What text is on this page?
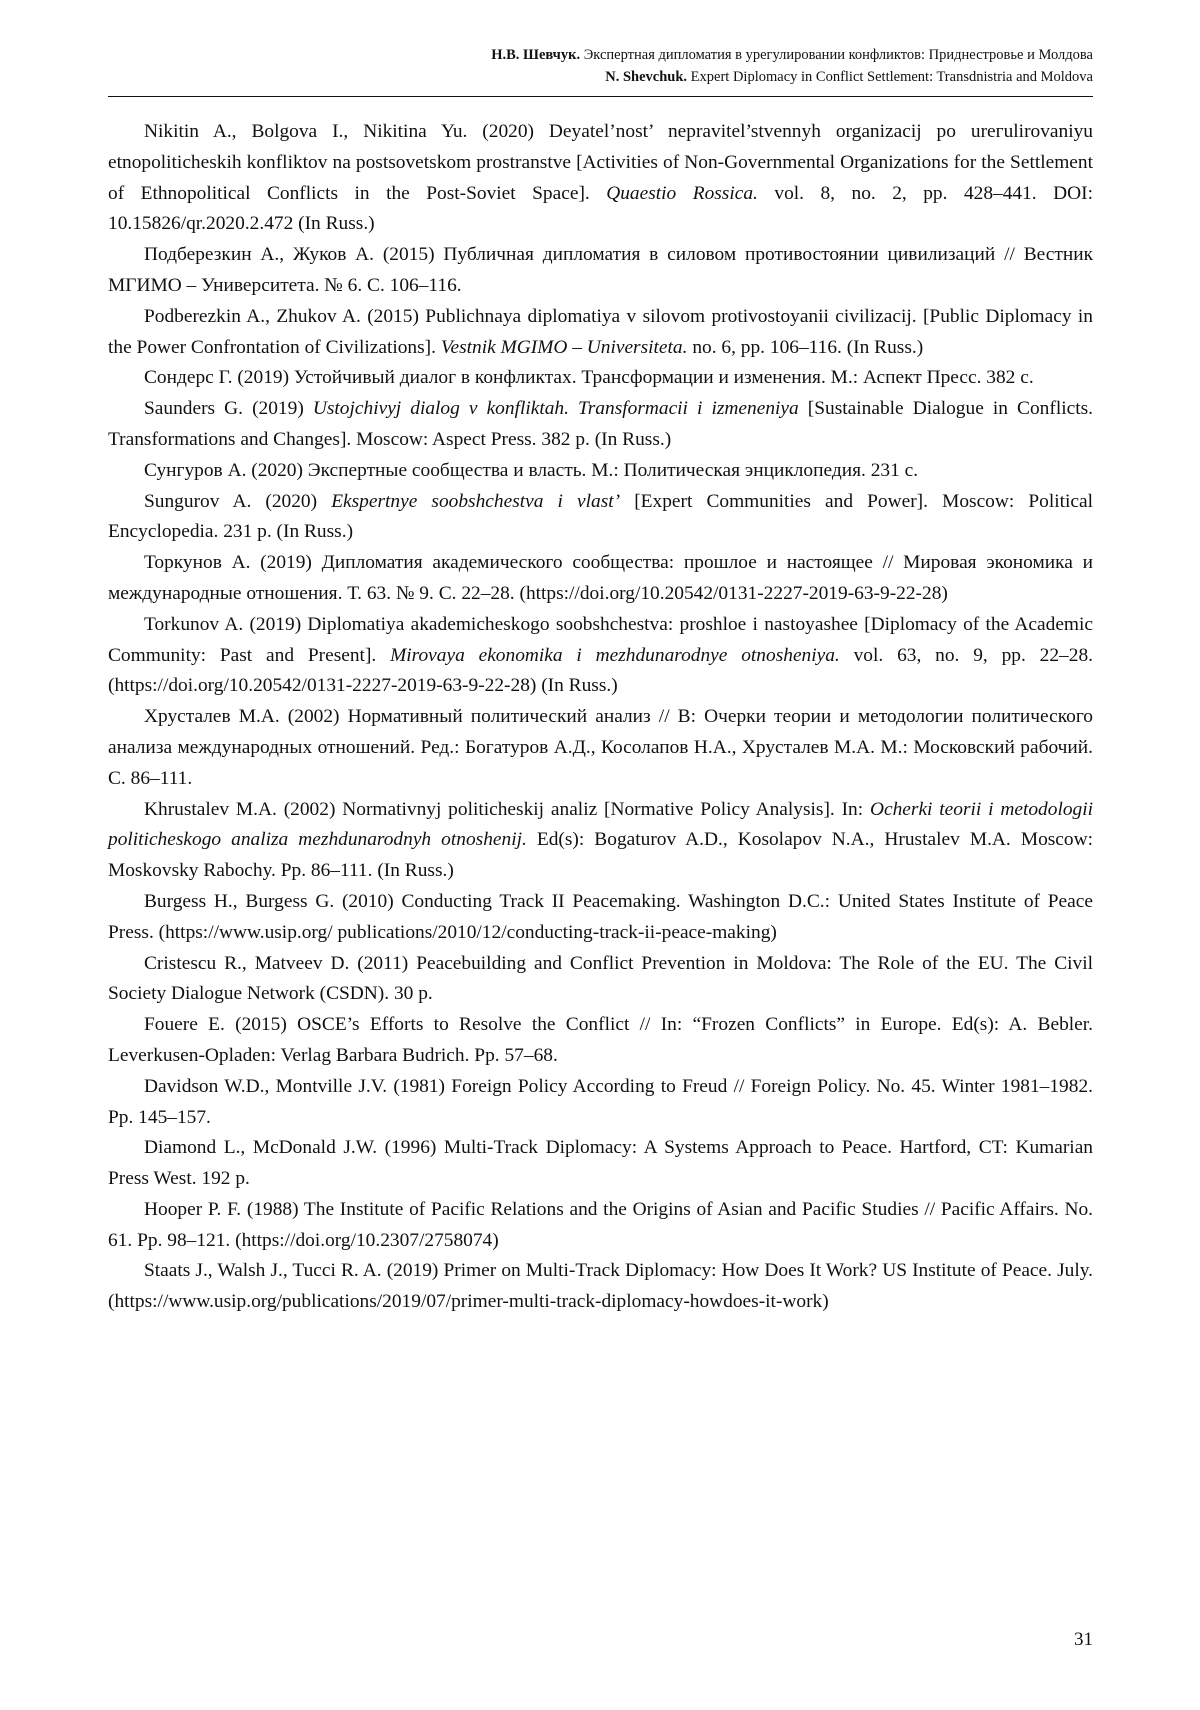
Н.В. Шевчук. Экспертная дипломатия в урегулировании конфликтов: Приднестровье и Молдова
N. Shevchuk. Expert Diplomacy in Conflict Settlement: Transdnistria and Moldova

Nikitin A., Bolgova I., Nikitina Yu. (2020) Deyatel’nost’ nepravitel’stvennyh organizacij po urегulirovaniyu etnopoliticheskih konfliktov na postsovetskom prostranstve [Activities of Non-Governmental Organizations for the Settlement of Ethnopolitical Conflicts in the Post-Soviet Space]. Quaestio Rossica. vol. 8, no. 2, pp. 428–441. DOI: 10.15826/qr.2020.2.472 (In Russ.)

Подберезкин А., Жуков А. (2015) Публичная дипломатия в силовом противостоянии цивилизаций // Вестник МГИМО – Университета. № 6. С. 106–116.

Podberezkin A., Zhukov A. (2015) Publichnaya diplomatiya v silovom protivostoyanii civilizacij. [Public Diplomacy in the Power Confrontation of Civilizations]. Vestnik MGIMO – Universiteta. no. 6, pp. 106–116. (In Russ.)

Сондерс Г. (2019) Устойчивый диалог в конфликтах. Трансформации и изменения. М.: Аспект Пресс. 382 с.

Saunders G. (2019) Ustojchivyj dialog v konfliktah. Transformacii i izmeneniya [Sustainable Dialogue in Conflicts. Transformations and Changes]. Moscow: Aspect Press. 382 p. (In Russ.)

Сунгуров А. (2020) Экспертные сообщества и власть. М.: Политическая энциклопедия. 231 с.

Sungurov A. (2020) Ekspertnye soobshchestva i vlast’ [Expert Communities and Power]. Moscow: Political Encyclopedia. 231 p. (In Russ.)

Торкунов А. (2019) Дипломатия академического сообщества: прошлое и настоящее // Мировая экономика и международные отношения. Т. 63. № 9. С. 22–28. (https://doi.org/10.20542/0131-2227-2019-63-9-22-28)

Torkunov A. (2019) Diplomatiya akademicheskogo soobshchestva: proshloe i nastoyashee [Diplomacy of the Academic Community: Past and Present]. Mirovaya ekonomika i mezhdunarodnye otnosheniya. vol. 63, no. 9, pp. 22–28. (https://doi.org/10.20542/0131-2227-2019-63-9-22-28) (In Russ.)

Хрусталев М.А. (2002) Нормативный политический анализ // В: Очерки теории и методологии политического анализа международных отношений. Ред.: Богатуров А.Д., Косолапов Н.А., Хрусталев М.А. М.: Московский рабочий. С. 86–111.

Khrustalev M.A. (2002) Normativnyj politicheskij analiz [Normative Policy Analysis]. In: Ocherki teorii i metodologii politicheskogo analiza mezhdunarodnyh otnoshenij. Ed(s): Bogaturov A.D., Kosolapov N.A., Hrustalev M.A. Moscow: Moskovsky Rabochy. Pp. 86–111. (In Russ.)

Burgess H., Burgess G. (2010) Conducting Track II Peacemaking. Washington D.C.: United States Institute of Peace Press. (https://www.usip.org/ publications/2010/12/conducting-track-ii-peace-making)

Cristescu R., Matveev D. (2011) Peacebuilding and Conflict Prevention in Moldova: The Role of the EU. The Civil Society Dialogue Network (CSDN). 30 p.

Fouere E. (2015) OSCE’s Efforts to Resolve the Conflict // In: “Frozen Conflicts” in Europe. Ed(s): A. Bebler. Leverkusen-Opladen: Verlag Barbara Budrich. Pp. 57–68.

Davidson W.D., Montville J.V. (1981) Foreign Policy According to Freud // Foreign Policy. No. 45. Winter 1981–1982. Pp. 145–157.

Diamond L., McDonald J.W. (1996) Multi-Track Diplomacy: A Systems Approach to Peace. Hartford, CT: Kumarian Press West. 192 p.

Hooper P. F. (1988) The Institute of Pacific Relations and the Origins of Asian and Pacific Studies // Pacific Affairs. No. 61. Pp. 98–121. (https://doi.org/10.2307/2758074)

Staats J., Walsh J., Tucci R. A. (2019) Primer on Multi-Track Diplomacy: How Does It Work? US Institute of Peace. July. (https://www.usip.org/publications/2019/07/primer-multi-track-diplomacy-howdoes-it-work)

31
